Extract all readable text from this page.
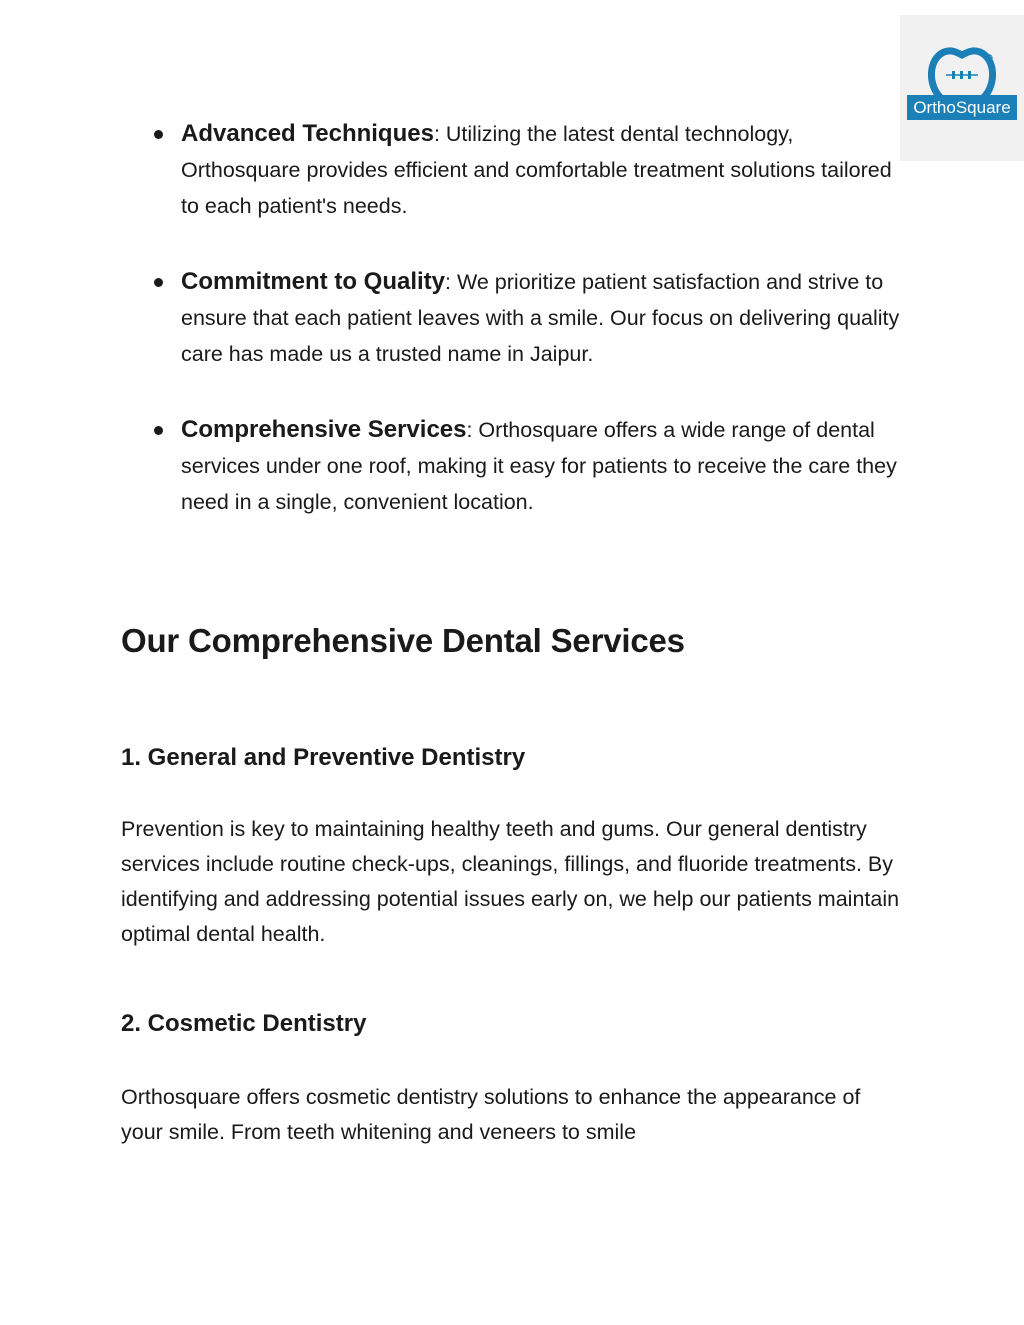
OrthoSquare
Advanced Techniques: Utilizing the latest dental technology, Orthosquare provides efficient and comfortable treatment solutions tailored to each patient's needs.
Commitment to Quality: We prioritize patient satisfaction and strive to ensure that each patient leaves with a smile. Our focus on delivering quality care has made us a trusted name in Jaipur.
Comprehensive Services: Orthosquare offers a wide range of dental services under one roof, making it easy for patients to receive the care they need in a single, convenient location.
Our Comprehensive Dental Services
1. General and Preventive Dentistry

Prevention is key to maintaining healthy teeth and gums. Our general dentistry services include routine check-ups, cleanings, fillings, and fluoride treatments. By identifying and addressing potential issues early on, we help our patients maintain optimal dental health.

2. Cosmetic Dentistry

Orthosquare offers cosmetic dentistry solutions to enhance the appearance of your smile. From teeth whitening and veneers to smile
